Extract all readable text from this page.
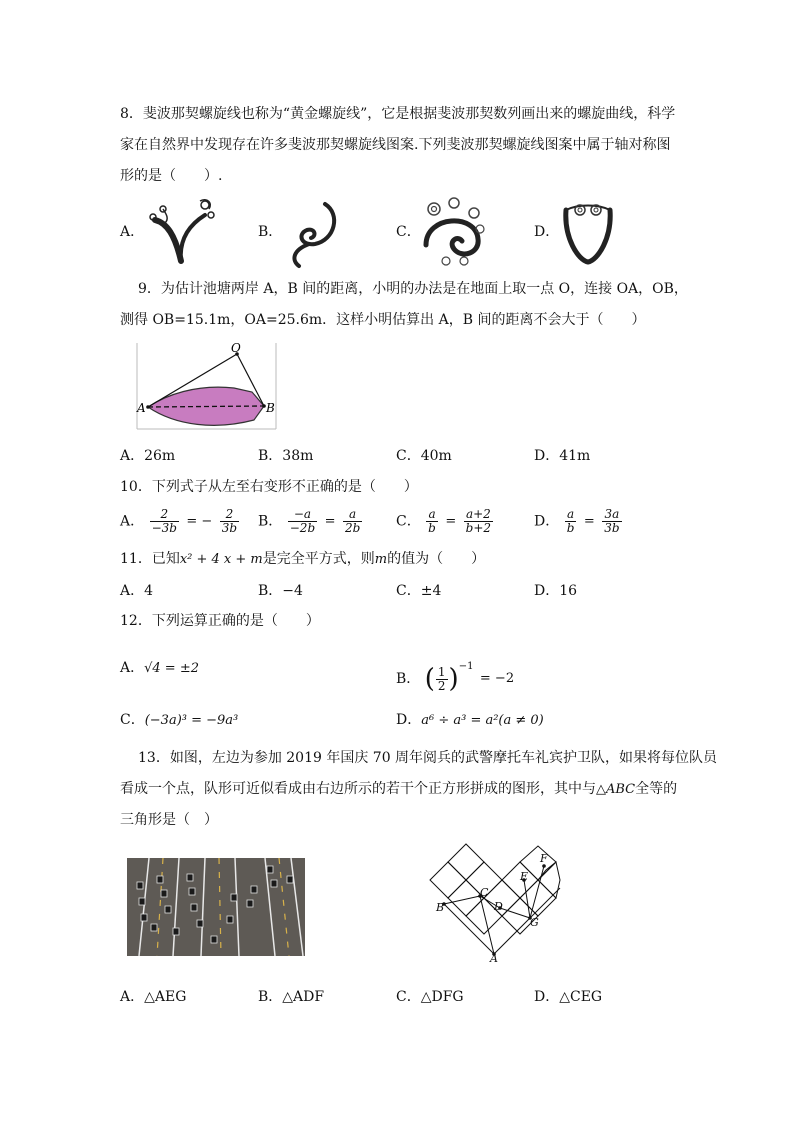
8．斐波那契螺旋线也称为“黄金螺旋线”，它是根据斐波那契数列画出来的螺旋曲线，科学
家在自然界中发现存在许多斐波那契螺旋线图案.下列斐波那契螺旋线图案中属于轴对称图
形的是（　　）.
A．	B．	C．	D．
9．为估计池塘两岸 A，B 间的距离，小明的办法是在地面上取一点 O，连接 OA，OB，
测得 OB=15.1m，OA=25.6m．这样小明估算出 A，B 间的距离不会大于（　　）
O
A	B
A．26m	B．38m	C．40m	D．41m
10．下列式子从左至右变形不正确的是（　　）
A． $\frac{2}{-3b}$ = − $\frac{2}{3b}$ B． $\frac{-a}{-2b} = \frac{a}{2b}$ C． $\frac{a}{b} = \frac{a+2}{b+2}$	D． $\frac{a}{b} = \frac{3a}{3b}$
11．已知x² + 4 x + m是完全平方式，则m的值为（　　）
A．4	B．−4	C．±4	D．16
12．下列运算正确的是（　　）
A．√4 = ±2
B． ( $\frac{1}{2} )^{-1} = -2$
C．(−3a)³ = −9a³	D．a⁶ ÷ a³ = a²(a ≠ 0)
13．如图，左边为参加 2019 年国庆 70 周年阅兵的武警摩托车礼宾护卫队，如果将每位队员
看成一个点，队形可近似看成由右边所示的若干个正方形拼成的图形，其中与△ABC全等的
三角形是（　）
A
B
C
D
E
F
G
A．△AEG	B．△ADF	C．△DFG	D．△CEG
